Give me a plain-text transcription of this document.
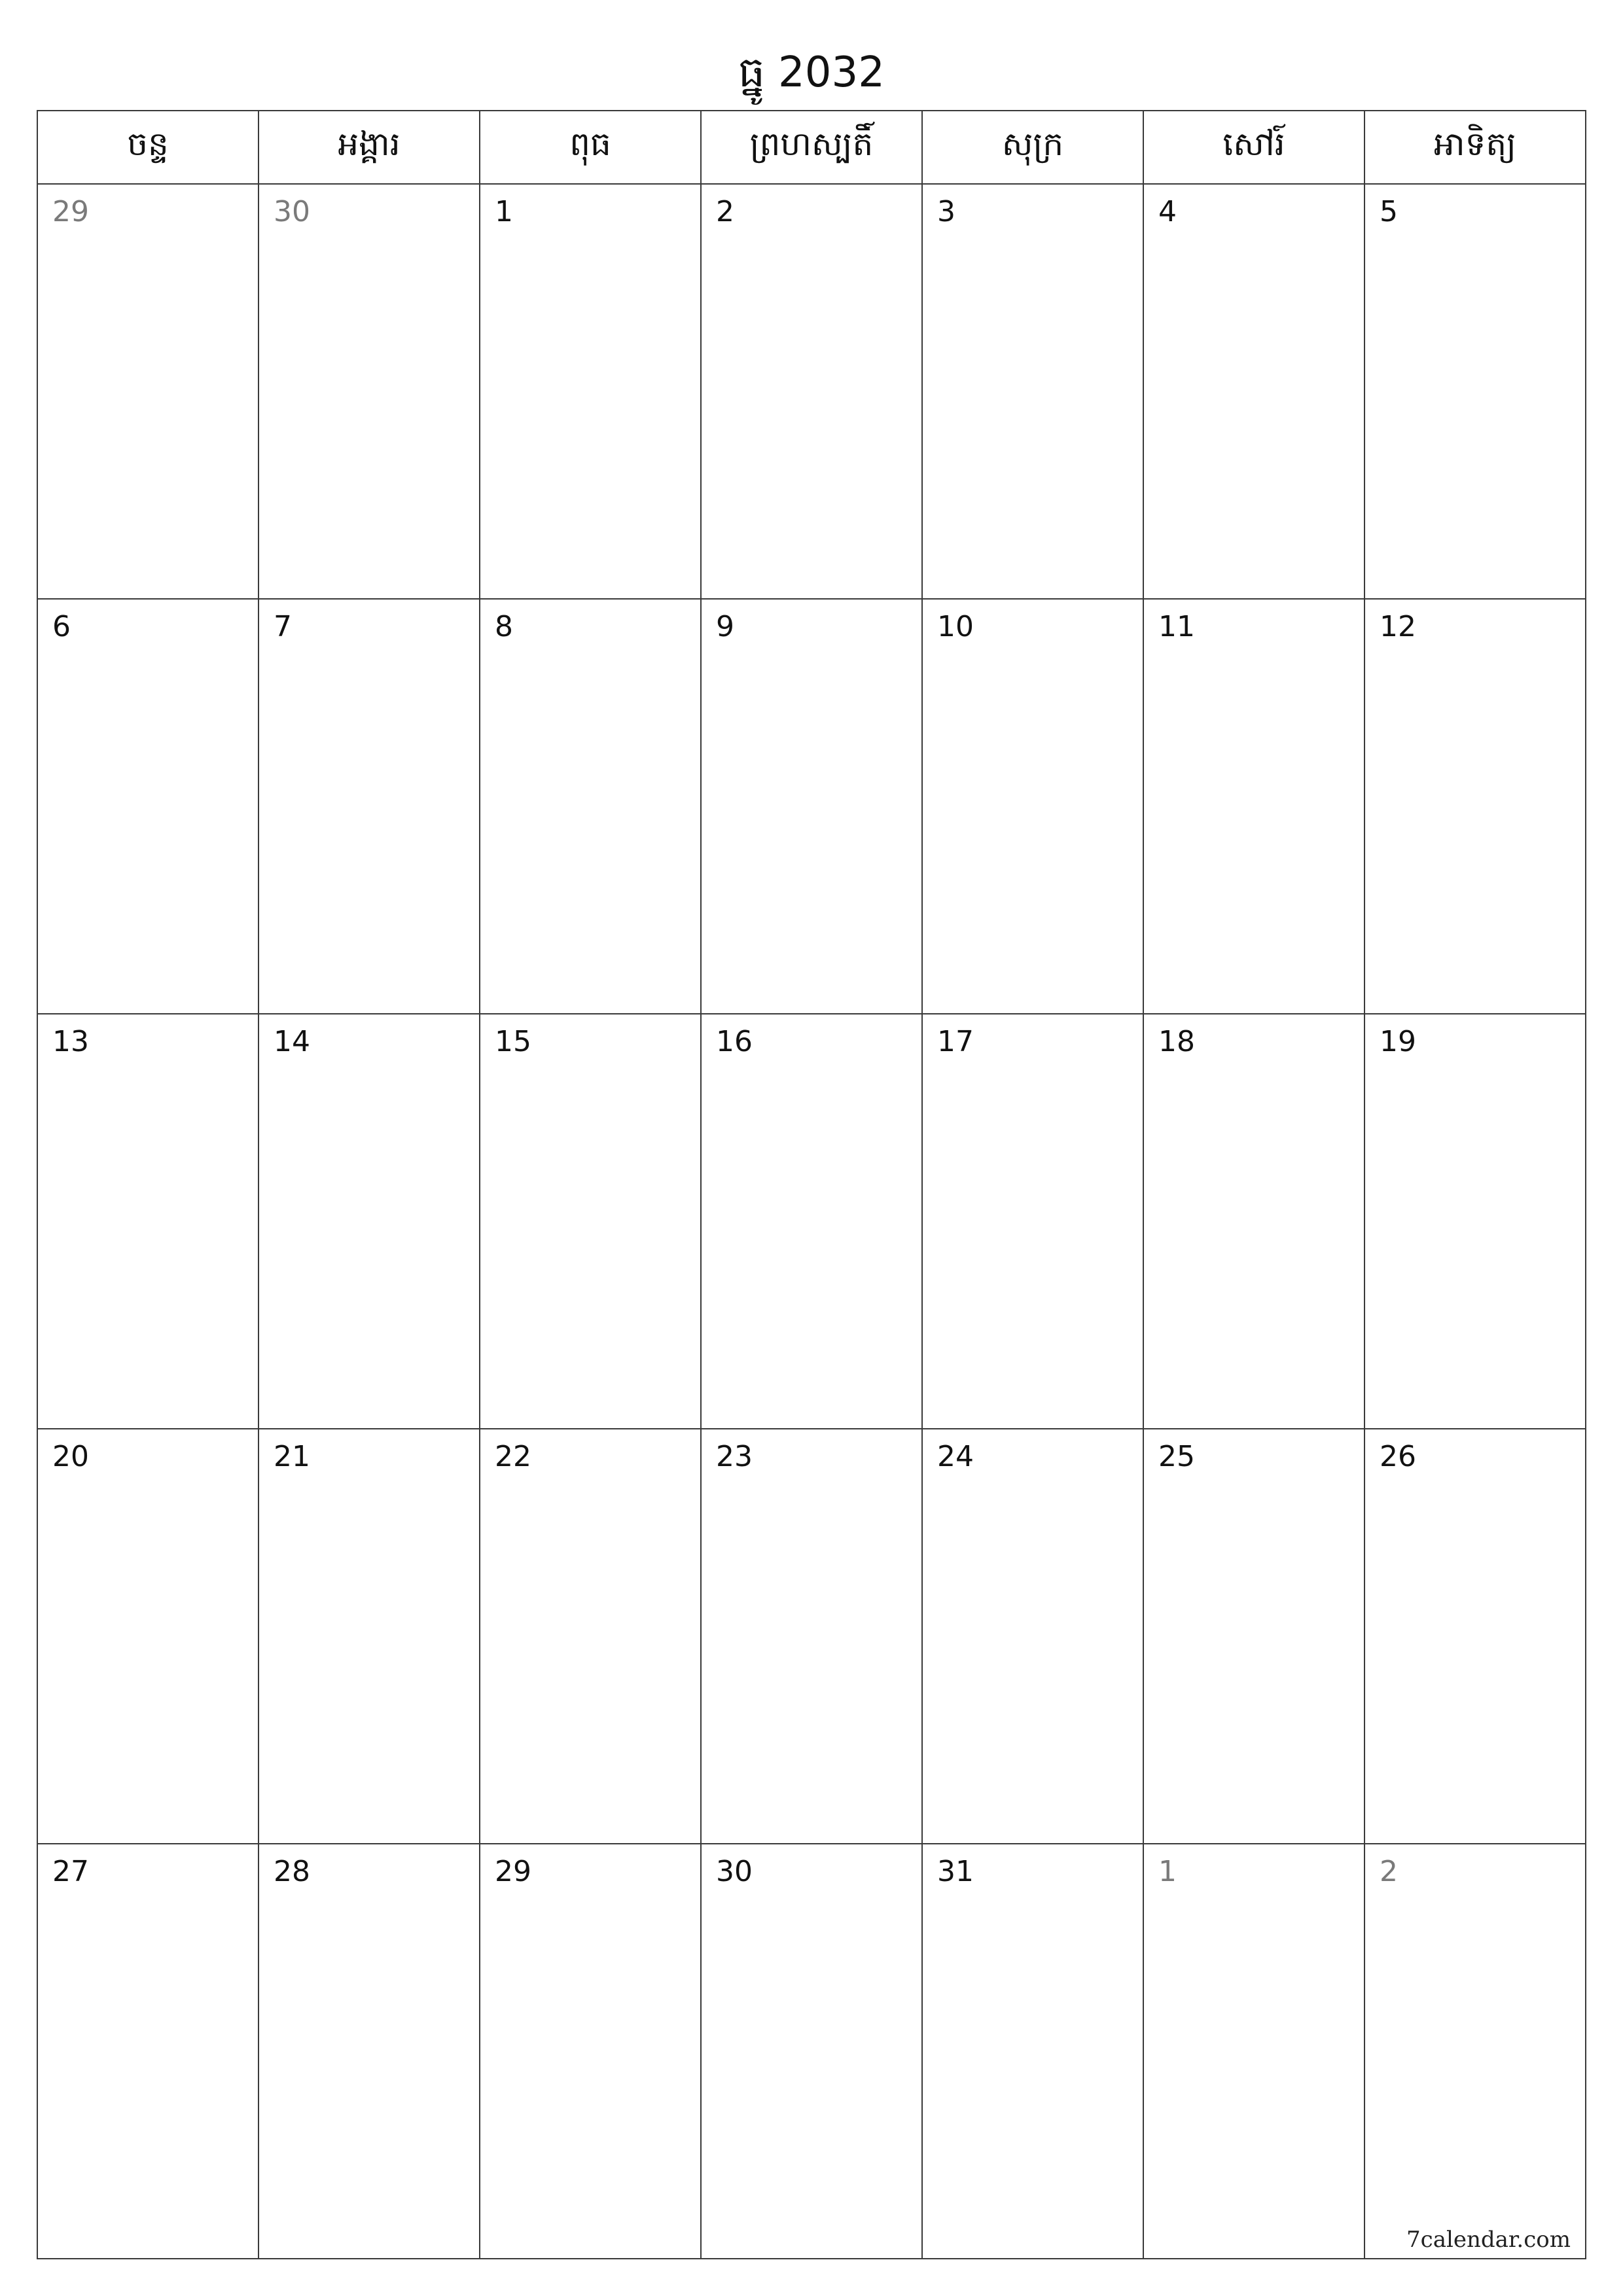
ធ្នូ 2032
ចន្ទ	អង្គារ	ពុធ	ព្រហស្បតិ៍	សុក្រ	សៅរ៍	អាទិត្យ

29	30	1	2	3	4	5

6	7	8	9	10	11	12

13	14	15	16	17	18	19

20	21	22	23	24	25	26

27	28	29	30	31	1	2
7calendar.com
